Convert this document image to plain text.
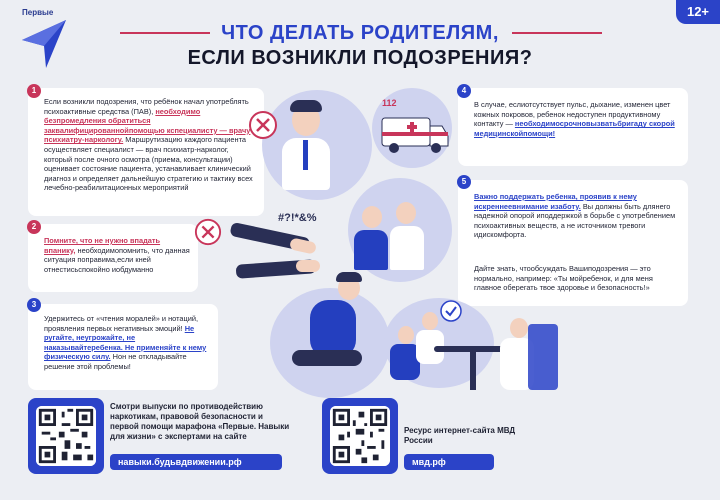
Первые	12+
ЧТО ДЕЛАТЬ РОДИТЕЛЯМ,
ЕСЛИ ВОЗНИКЛИ ПОДОЗРЕНИЯ?
Если возникли подозрения, что ребёнок начал употреблять психоактивные средства (ПАВ), необходимо безпромедления обратиться заквалифицированнойпомощью кспециалисту — врачу психиатру-наркологу. Маршрутизацию каждого пациента осуществляет специалист — врач психиатр-нарколог, который после очного осмотра (приема, консультации) оценивает состояние пациента, устанавливает клинический диагноз и определяет дальнейшую стратегию и тактику всех лечебно-реабилитационных мероприятий
1
Помните, что не нужно впадать впанику, необходимопомнить, что данная ситуация поправима,если кней отнестисьспокойно иобдуманно
2
Удержитесь от «чтения моралей» и нотаций, проявления первых негативных эмоций! Не ругайте, неугрожайте, не наказывайтеребенка. Не применяйте к нему физическую силу. Нон не откладывайте решение этой проблемы!
3
В случае, еслиотсутствует пульс, дыхание, изменен цвет кожных покровов, ребенок недоступен продуктивному контакту — необходимосрочновызватьбригаду скорой медицинскойпомощи!
4
Важно поддержать ребенка, проявив к нему искреннеевнимание изаботу. Вы должны быть длянего надежной опорой иподдержкой в борьбе с употреблением психоактивных веществ, а не источником тревоги идискомфорта.
Дайте знать, чтообсуждать Вашиподозрения — это нормально, например: «Ты мойребенок, и для меня главное оберегать твое здоровье и безопасность!»
5
112
#?!*&%
Смотри выпуски по противодействию наркотикам, правовой безопасности и первой помощи марафона «Первые. Навыки для жизни» с экспертами на сайте
навыки.будьвдвижении.рф
Ресурс интернет-сайта МВД России
мвд.рф
